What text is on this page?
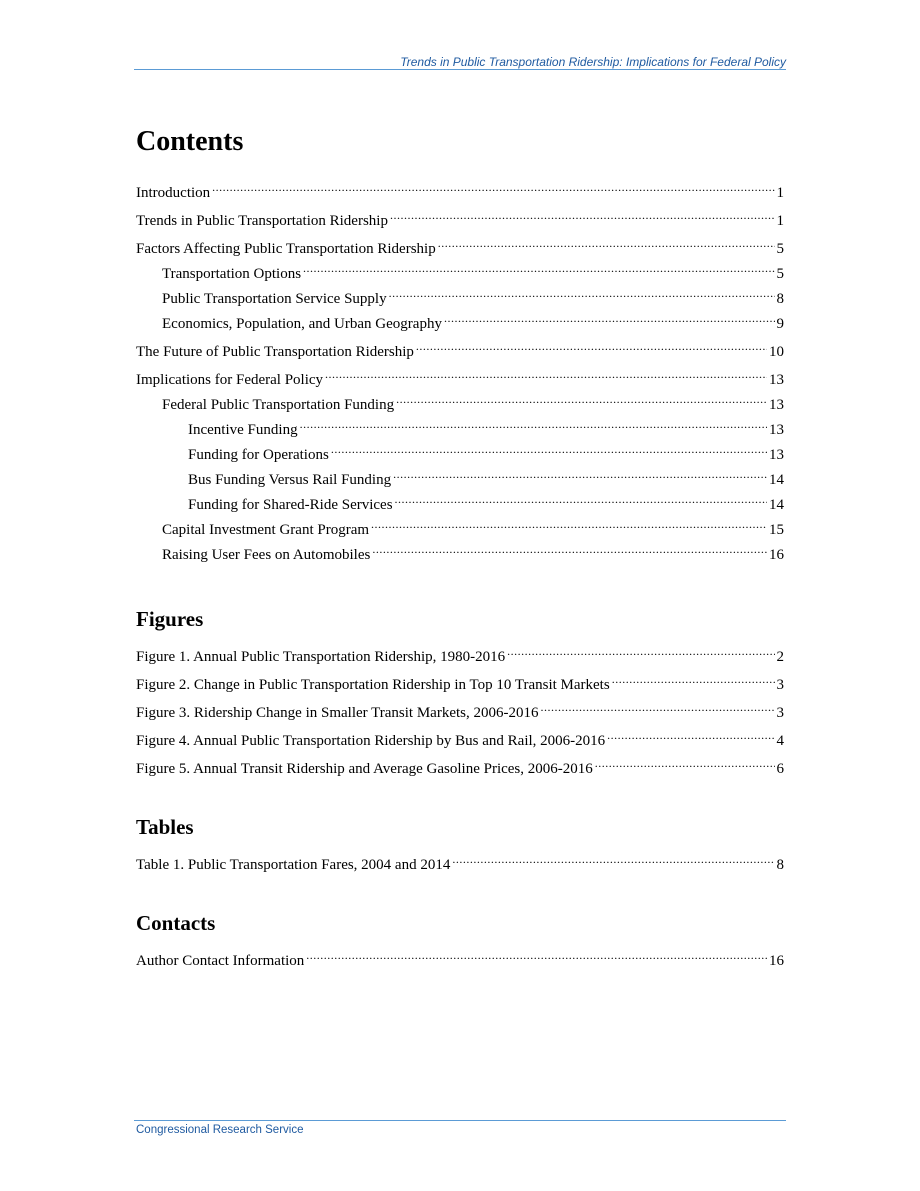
Trends in Public Transportation Ridership: Implications for Federal Policy
Contents
Introduction .....	1
Trends in Public Transportation Ridership .....	1
Factors Affecting Public Transportation Ridership .....	5
Transportation Options .....	5
Public Transportation Service Supply .....	8
Economics, Population, and Urban Geography .....	9
The Future of Public Transportation Ridership .....	10
Implications for Federal Policy .....	13
Federal Public Transportation Funding .....	13
Incentive Funding .....	13
Funding for Operations .....	13
Bus Funding Versus Rail Funding .....	14
Funding for Shared-Ride Services .....	14
Capital Investment Grant Program .....	15
Raising User Fees on Automobiles .....	16
Figures
Figure 1. Annual Public Transportation Ridership, 1980-2016 .....	2
Figure 2. Change in Public Transportation Ridership in Top 10 Transit Markets .....	3
Figure 3. Ridership Change in Smaller Transit Markets, 2006-2016 .....	3
Figure 4. Annual Public Transportation Ridership by Bus and Rail, 2006-2016 .....	4
Figure 5. Annual Transit Ridership and Average Gasoline Prices, 2006-2016 .....	6
Tables
Table 1. Public Transportation Fares, 2004 and 2014 .....	8
Contacts
Author Contact Information .....	16
Congressional Research Service
